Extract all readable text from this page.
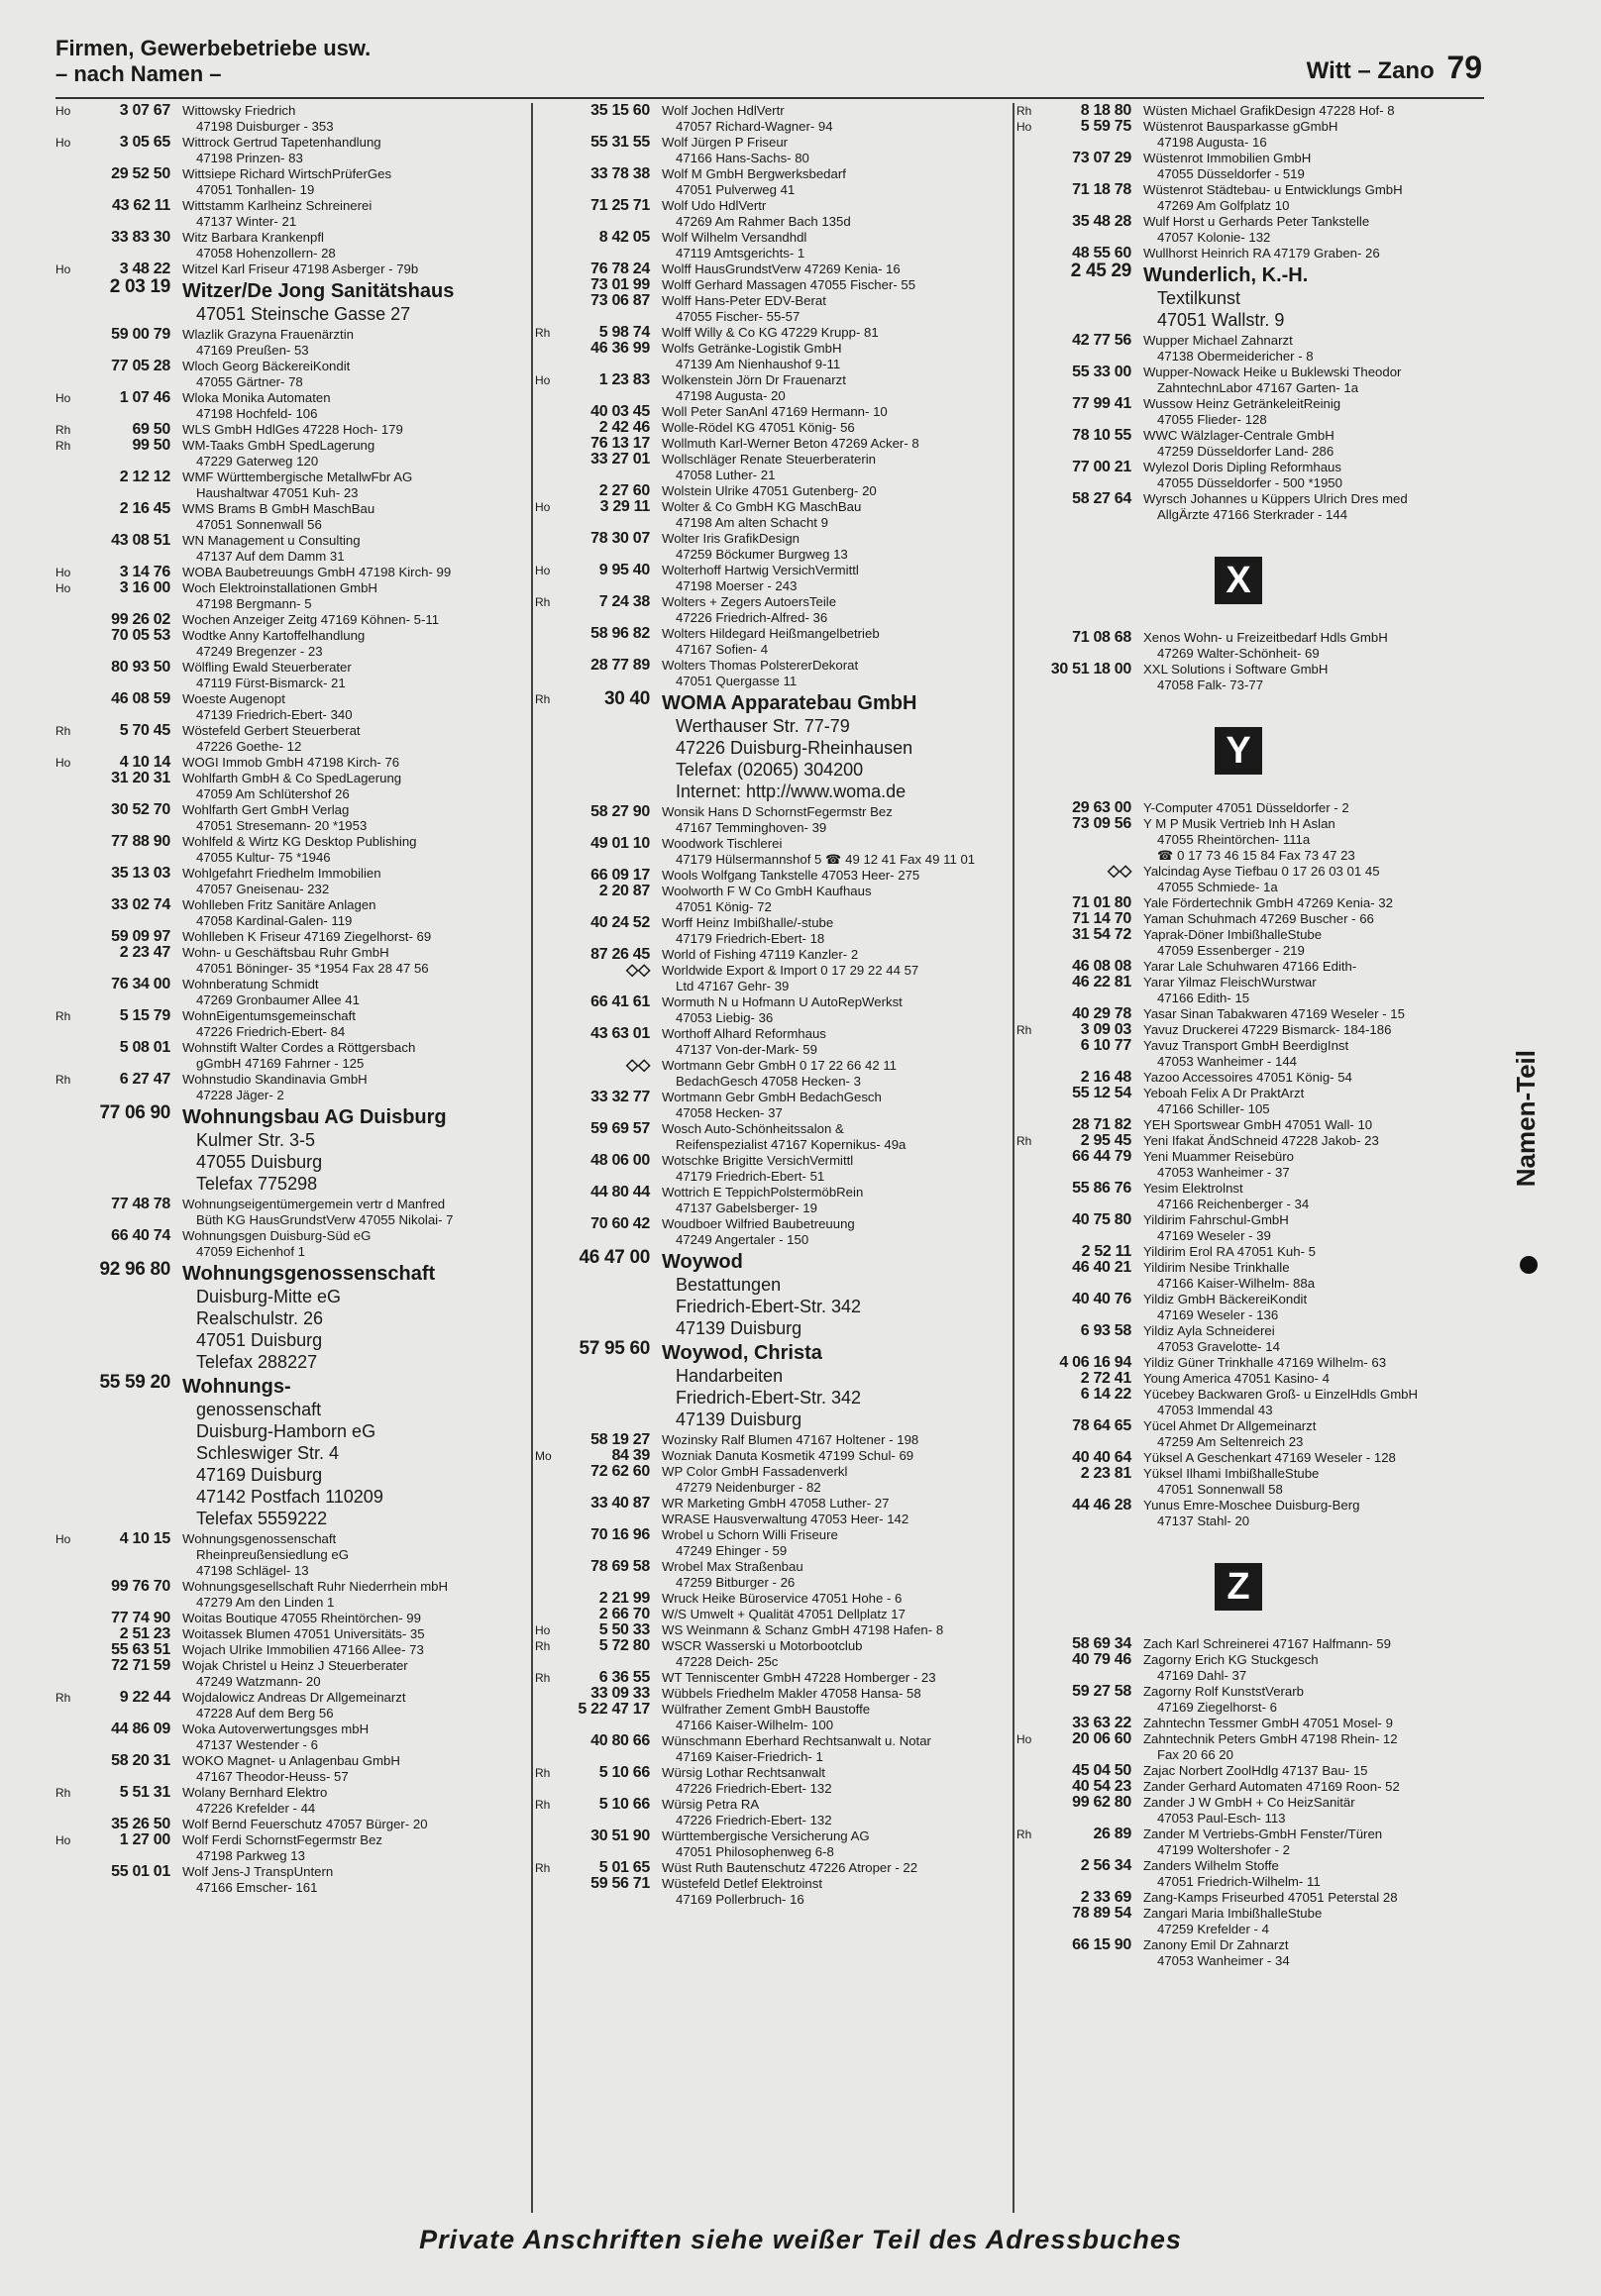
Firmen, Gewerbebetriebe usw.
– nach Namen –	Witt – Zano 79
Ho	3 07 67 Wittowsky Friedrich
47198 Duisburger - 353
Ho	3 05 65 Wittrock Gertrud Tapetenhandlung
47198 Prinzen- 83
29 52 50 Wittsiepe Richard WirtschPrüferGes
47051 Tonhallen- 19
43 62 11 Wittstamm Karlheinz Schreinerei
47137 Winter- 21
33 83 30 Witz Barbara Krankenpfl
47058 Hohenzollern- 28
Ho	3 48 22 Witzel Karl Friseur 47198 Asberger - 79b
2 03 19 Witzer/De Jong Sanitätshaus
47051 Steinsche Gasse 27
59 00 79 Wlazlik Grazyna Frauenärztin
47169 Preußen- 53
77 05 28 Wloch Georg BäckereiKondit
47055 Gärtner- 78
Ho	1 07 46 Wloka Monika Automaten
47198 Hochfeld- 106
Rh	69 50 WLS GmbH HdlGes 47228 Hoch- 179
Rh	99 50 WM-Taaks GmbH SpedLagerung
47229 Gaterweg 120
2 12 12 WMF Württembergische MetallwFbr AG
Haushaltwar 47051 Kuh- 23
2 16 45 WMS Brams B GmbH MaschBau
47051 Sonnenwall 56
43 08 51 WN Management u Consulting
47137 Auf dem Damm 31
Ho	3 14 76 WOBA Baubetreuungs GmbH 47198 Kirch- 99
Ho	3 16 00 Woch Elektroinstallationen GmbH
47198 Bergmann- 5
99 26 02 Wochen Anzeiger Zeitg 47169 Köhnen- 5-11
70 05 53 Wodtke Anny Kartoffelhandlung
47249 Bregenzer - 23
80 93 50 Wölfling Ewald Steuerberater
47119 Fürst-Bismarck- 21
46 08 59 Woeste Augenopt
47139 Friedrich-Ebert- 340
Rh	5 70 45 Wöstefeld Gerbert Steuerberat
47226 Goethe- 12
Ho	4 10 14 WOGI Immob GmbH 47198 Kirch- 76
31 20 31 Wohlfarth GmbH & Co SpedLagerung
47059 Am Schlütershof 26
30 52 70 Wohlfarth Gert GmbH Verlag
47051 Stresemann- 20 *1953
77 88 90 Wohlfeld & Wirtz KG Desktop Publishing
47055 Kultur- 75 *1946
35 13 03 Wohlgefahrt Friedhelm Immobilien
47057 Gneisenau- 232
33 02 74 Wohlleben Fritz Sanitäre Anlagen
47058 Kardinal-Galen- 119
59 09 97 Wohlleben K Friseur 47169 Ziegelhorst- 69
2 23 47 Wohn- u Geschäftsbau Ruhr GmbH
47051 Böninger- 35 *1954 Fax 28 47 56
76 34 00 Wohnberatung Schmidt
47269 Gronbaumer Allee 41
Rh	5 15 79 WohnEigentumsgemeinschaft
47226 Friedrich-Ebert- 84
5 08 01 Wohnstift Walter Cordes a Röttgersbach
gGmbH 47169 Fahrner - 125
Rh	6 27 47 Wohnstudio Skandinavia GmbH
47228 Jäger- 2
77 06 90 Wohnungsbau AG Duisburg
Kulmer Str. 3-5
47055 Duisburg
Telefax 775298
77 48 78 Wohnungseigentümergemein vertr d Manfred
Büth KG HausGrundstVerw 47055 Nikolai- 7
66 40 74 Wohnungsgen Duisburg-Süd eG
47059 Eichenhof 1
92 96 80 Wohnungsgenossenschaft
Duisburg-Mitte eG
Realschulstr. 26
47051 Duisburg
Telefax 288227
55 59 20 Wohnungs-
genossenschaft
Duisburg-Hamborn eG
Schleswiger Str. 4
47169 Duisburg
47142 Postfach 110209
Telefax 5559222
Ho	4 10 15 Wohnungsgenossenschaft
Rheinpreußensiedlung eG
47198 Schlägel- 13
99 76 70 Wohnungsgesellschaft Ruhr Niederrhein mbH
47279 Am den Linden 1
77 74 90 Woitas Boutique 47055 Rheintörchen- 99
2 51 23 Woitassek Blumen 47051 Universitäts- 35
55 63 51 Wojach Ulrike Immobilien 47166 Allee- 73
72 71 59 Wojak Christel u Heinz J Steuerberater
47249 Watzmann- 20
Rh	9 22 44 Wojdalowicz Andreas Dr Allgemeinarzt
47228 Auf dem Berg 56
44 86 09 Woka Autoverwertungsges mbH
47137 Westender - 6
58 20 31 WOKO Magnet- u Anlagenbau GmbH
47167 Theodor-Heuss- 57
Rh	5 51 31 Wolany Bernhard Elektro
47226 Krefelder - 44
35 26 50 Wolf Bernd Feuerschutz 47057 Bürger- 20
Ho	1 27 00 Wolf Ferdi SchornstFegermstr Bez
47198 Parkweg 13
55 01 01 Wolf Jens-J TranspUntern
47166 Emscher- 161
35 15 60 Wolf Jochen HdlVertr
47057 Richard-Wagner- 94
55 31 55 Wolf Jürgen P Friseur
47166 Hans-Sachs- 80
33 78 38 Wolf M GmbH Bergwerksbedarf
47051 Pulverweg 41
71 25 71 Wolf Udo HdlVertr
47269 Am Rahmer Bach 135d
8 42 05 Wolf Wilhelm Versandhdl
47119 Amtsgerichts- 1
76 78 24 Wolff HausGrundstVerw 47269 Kenia- 16
73 01 99 Wolff Gerhard Massagen 47055 Fischer- 55
73 06 87 Wolff Hans-Peter EDV-Berat
47055 Fischer- 55-57
Rh	5 98 74 Wolff Willy & Co KG 47229 Krupp- 81
46 36 99 Wolfs Getränke-Logistik GmbH
47139 Am Nienhaushof 9-11
Ho	1 23 83 Wolkenstein Jörn Dr Frauenarzt
47198 Augusta- 20
40 03 45 Woll Peter SanAnl 47169 Hermann- 10
2 42 46 Wolle-Rödel KG 47051 König- 56
76 13 17 Wollmuth Karl-Werner Beton 47269 Acker- 8
33 27 01 Wollschläger Renate Steuerberaterin
47058 Luther- 21
2 27 60 Wolstein Ulrike 47051 Gutenberg- 20
Ho	3 29 11 Wolter & Co GmbH KG MaschBau
47198 Am alten Schacht 9
78 30 07 Wolter Iris GrafikDesign
47259 Böckumer Burgweg 13
Ho	9 95 40 Wolterhoff Hartwig VersichVermittl
47198 Moerser - 243
Rh	7 24 38 Wolters + Zegers AutoersTeile
47226 Friedrich-Alfred- 36
58 96 82 Wolters Hildegard Heißmangelbetrieb
47167 Sofien- 4
28 77 89 Wolters Thomas PolstererDekorat
47051 Quergasse 11
Rh	30 40 WOMA Apparatebau GmbH
Werthauser Str. 77-79
47226 Duisburg-Rheinhausen
Telefax (02065) 304200
Internet: http://www.woma.de
58 27 90 Wonsik Hans D SchornstFegermstr Bez
47167 Temminghoven- 39
49 01 10 Woodwork Tischlerei
47179 Hülsermannshof 5 ☎ 49 12 41 Fax 49 11 01
66 09 17 Wools Wolfgang Tankstelle 47053 Heer- 275
2 20 87 Woolworth F W Co GmbH Kaufhaus
47051 König- 72
40 24 52 Worff Heinz Imbißhalle/-stube
47179 Friedrich-Ebert- 18
87 26 45 World of Fishing 47119 Kanzler- 2
◇◇ Worldwide Export & Import 0 17 29 22 44 57
Ltd 47167 Gehr- 39
66 41 61 Wormuth N u Hofmann U AutoRepWerkst
47053 Liebig- 36
43 63 01 Worthoff Alhard Reformhaus
47137 Von-der-Mark- 59
◇◇ Wortmann Gebr GmbH 0 17 22 66 42 11
BedachGesch 47058 Hecken- 3
33 32 77 Wortmann Gebr GmbH BedachGesch
47058 Hecken- 37
59 69 57 Wosch Auto-Schönheitssalon &
Reifenspezialist 47167 Kopernikus- 49a
48 06 00 Wotschke Brigitte VersichVermittl
47179 Friedrich-Ebert- 51
44 80 44 Wottrich E TeppichPolstermöbRein
47137 Gabelsberger- 19
70 60 42 Woudboer Wilfried Baubetreuung
47249 Angertaler - 150
46 47 00 Woywod
Bestattungen
Friedrich-Ebert-Str. 342
47139 Duisburg
57 95 60 Woywod, Christa
Handarbeiten
Friedrich-Ebert-Str. 342
47139 Duisburg
58 19 27 Wozinsky Ralf Blumen 47167 Holtener - 198
Mo	84 39 Wozniak Danuta Kosmetik 47199 Schul- 69
72 62 60 WP Color GmbH Fassadenverkl
47279 Neidenburger - 82
33 40 87 WR Marketing GmbH 47058 Luther- 27
WRASE Hausverwaltung 47053 Heer- 142
70 16 96 Wrobel u Schorn Willi Friseure
47249 Ehinger - 59
78 69 58 Wrobel Max Straßenbau
47259 Bitburger - 26
2 21 99 Wruck Heike Büroservice 47051 Hohe - 6
2 66 70 W/S Umwelt + Qualität 47051 Dellplatz 17
Ho	5 50 33 WS Weinmann & Schanz GmbH 47198 Hafen- 8
Rh	5 72 80 WSCR Wasserski u Motorbootclub
47228 Deich- 25c
Rh	6 36 55 WT Tenniscenter GmbH 47228 Homberger - 23
33 09 33 Wübbels Friedhelm Makler 47058 Hansa- 58
5 22 47 17 Wülfrather Zement GmbH Baustoffe
47166 Kaiser-Wilhelm- 100
40 80 66 Wünschmann Eberhard Rechtsanwalt u. Notar
47169 Kaiser-Friedrich- 1
Rh	5 10 66 Würsig Lothar Rechtsanwalt
47226 Friedrich-Ebert- 132
Rh	5 10 66 Würsig Petra RA
47226 Friedrich-Ebert- 132
30 51 90 Württembergische Versicherung AG
47051 Philosophenweg 6-8
Rh	5 01 65 Wüst Ruth Bautenschutz 47226 Atroper - 22
59 56 71 Wüstefeld Detlef Elektroinst
47169 Pollerbruch- 16
Rh	8 18 80 Wüsten Michael GrafikDesign 47228 Hof- 8
Ho	5 59 75 Wüstenrot Bausparkasse gGmbH
47198 Augusta- 16
73 07 29 Wüstenrot Immobilien GmbH
47055 Düsseldorfer - 519
71 18 78 Wüstenrot Städtebau- u Entwicklungs GmbH
47269 Am Golfplatz 10
35 48 28 Wulf Horst u Gerhards Peter Tankstelle
47057 Kolonie- 132
48 55 60 Wullhorst Heinrich RA 47179 Graben- 26
2 45 29 Wunderlich, K.-H.
Textilkunst
47051 Wallstr. 9
42 77 56 Wupper Michael Zahnarzt
47138 Obermeidericher - 8
55 33 00 Wupper-Nowack Heike u Buklewski Theodor
ZahntechnLabor 47167 Garten- 1a
77 99 41 Wussow Heinz GetränkeleitReinig
47055 Flieder- 128
78 10 55 WWC Wälzlager-Centrale GmbH
47259 Düsseldorfer Land- 286
77 00 21 Wylezol Doris Dipling Reformhaus
47055 Düsseldorfer - 500 *1950
58 27 64 Wyrsch Johannes u Küppers Ulrich Dres med
AllgÄrzte 47166 Sterkrader - 144
X
71 08 68 Xenos Wohn- u Freizeitbedarf Hdls GmbH
47269 Walter-Schönheit- 69
30 51 18 00 XXL Solutions i Software GmbH
47058 Falk- 73-77
Y
29 63 00 Y-Computer 47051 Düsseldorfer - 2
73 09 56 Y M P Musik Vertrieb Inh H Aslan
47055 Rheintörchen- 111a
☎ 0 17 73 46 15 84 Fax 73 47 23
◇◇ Yalcindag Ayse Tiefbau 0 17 26 03 01 45
47055 Schmiede- 1a
71 01 80 Yale Fördertechnik GmbH 47269 Kenia- 32
71 14 70 Yaman Schuhmach 47269 Buscher - 66
31 54 72 Yaprak-Döner ImbißhalleStube
47059 Essenberger - 219
46 08 08 Yarar Lale Schuhwaren 47166 Edith-
46 22 81 Yarar Yilmaz FleischWurstwar
47166 Edith- 15
40 29 78 Yasar Sinan Tabakwaren 47169 Weseler - 15
Rh	3 09 03 Yavuz Druckerei 47229 Bismarck- 184-186
6 10 77 Yavuz Transport GmbH BeerdigInst
47053 Wanheimer - 144
2 16 48 Yazoo Accessoires 47051 König- 54
55 12 54 Yeboah Felix A Dr PraktArzt
47166 Schiller- 105
28 71 82 YEH Sportswear GmbH 47051 Wall- 10
Rh	2 95 45 Yeni Ifakat ÄndSchneid 47228 Jakob- 23
66 44 79 Yeni Muammer Reisebüro
47053 Wanheimer - 37
55 86 76 Yesim Elektrolnst
47166 Reichenberger - 34
40 75 80 Yildirim Fahrschul-GmbH
47169 Weseler - 39
2 52 11 Yildirim Erol RA 47051 Kuh- 5
46 40 21 Yildirim Nesibe Trinkhalle
47166 Kaiser-Wilhelm- 88a
40 40 76 Yildiz GmbH BäckereiKondit
47169 Weseler - 136
6 93 58 Yildiz Ayla Schneiderei
47053 Gravelotte- 14
4 06 16 94 Yildiz Güner Trinkhalle 47169 Wilhelm- 63
2 72 41 Young America 47051 Kasino- 4
6 14 22 Yücebey Backwaren Groß- u EinzelHdls GmbH
47053 Immendal 43
78 64 65 Yücel Ahmet Dr Allgemeinarzt
47259 Am Seltenreich 23
40 40 64 Yüksel A Geschenkart 47169 Weseler - 128
2 23 81 Yüksel Ilhami ImbißhalleStube
47051 Sonnenwall 58
44 46 28 Yunus Emre-Moschee Duisburg-Berg
47137 Stahl- 20
Z
58 69 34 Zach Karl Schreinerei 47167 Halfmann- 59
40 79 46 Zagorny Erich KG Stuckgesch
47169 Dahl- 37
59 27 58 Zagorny Rolf KunststVerarb
47169 Ziegelhorst- 6
33 63 22 Zahntechn Tessmer GmbH 47051 Mosel- 9
Ho	20 06 60 Zahntechnik Peters GmbH 47198 Rhein- 12
Fax 20 66 20
45 04 50 Zajac Norbert ZoolHdlg 47137 Bau- 15
40 54 23 Zander Gerhard Automaten 47169 Roon- 52
99 62 80 Zander J W GmbH + Co HeizSanitär
47053 Paul-Esch- 113
Rh	26 89 Zander M Vertriebs-GmbH Fenster/Türen
47199 Woltershofer - 2
2 56 34 Zanders Wilhelm Stoffe
47051 Friedrich-Wilhelm- 11
2 33 69 Zang-Kamps Friseurbed 47051 Peterstal 28
78 89 54 Zangari Maria ImbißhalleStube
47259 Krefelder - 4
66 15 90 Zanony Emil Dr Zahnarzt
47053 Wanheimer - 34
Namen-Teil
Private Anschriften siehe weißer Teil des Adressbuches
